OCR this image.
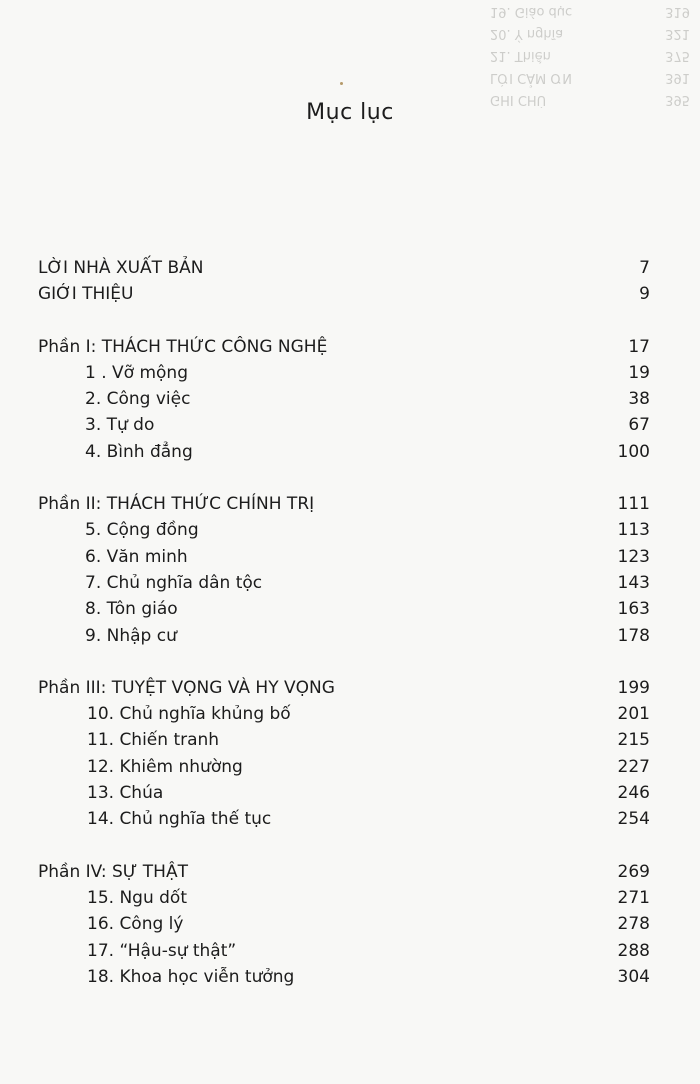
GHI CHÚ	395
LỜI CẢM ƠN	391
21. Thiền	375
20. Ý nghĩa	321
19. Giáo dục	319
Mục lục
LỜI NHÀ XUẤT BẢN	7
GIỚI THIỆU	9
Phần I: THÁCH THỨC CÔNG NGHỆ	17
1 . Vỡ mộng	19
2. Công việc	38
3. Tự do	67
4. Bình đẳng	100
Phần II: THÁCH THỨC CHÍNH TRỊ	111
5. Cộng đồng	113
6. Văn minh	123
7. Chủ nghĩa dân tộc	143
8. Tôn giáo	163
9. Nhập cư	178
Phần III: TUYỆT VỌNG VÀ HY VỌNG	199
10. Chủ nghĩa khủng bố	201
11. Chiến tranh	215
12. Khiêm nhường	227
13. Chúa	246
14. Chủ nghĩa thế tục	254
Phần IV: SỰ THẬT	269
15. Ngu dốt	271
16. Công lý	278
17. “Hậu-sự thật”	288
18. Khoa học viễn tưởng	304
